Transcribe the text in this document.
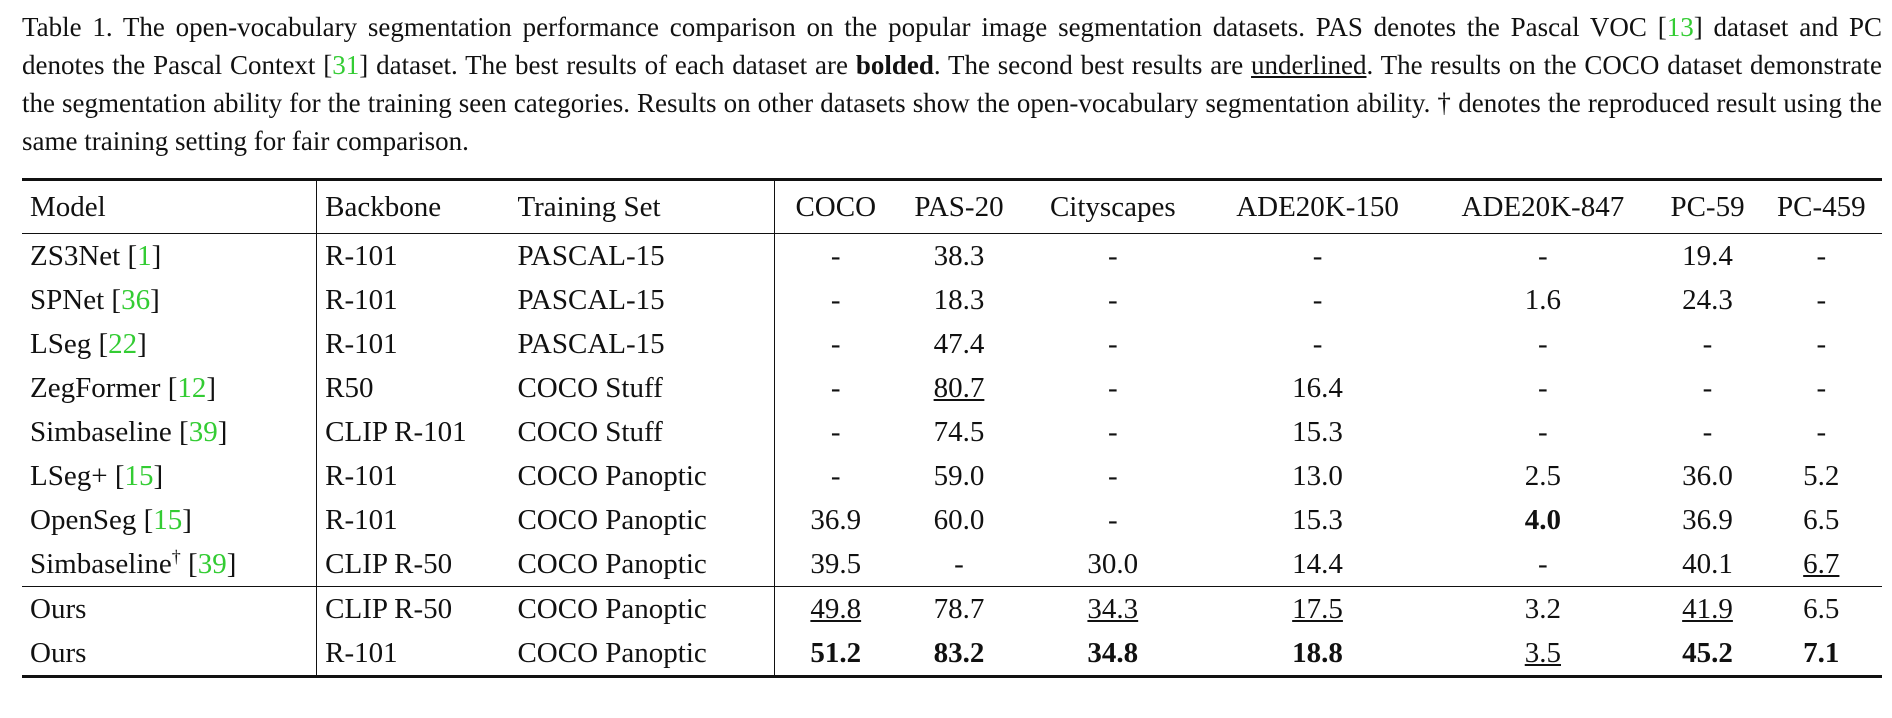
Table 1. The open-vocabulary segmentation performance comparison on the popular image segmentation datasets. PAS denotes the Pascal VOC [13] dataset and PC denotes the Pascal Context [31] dataset. The best results of each dataset are bolded. The second best results are underlined. The results on the COCO dataset demonstrate the segmentation ability for the training seen categories. Results on other datasets show the open-vocabulary segmentation ability. † denotes the reproduced result using the same training setting for fair comparison.
Model	Backbone	Training Set	COCO	PAS-20	Cityscapes	ADE20K-150	ADE20K-847	PC-59	PC-459
ZS3Net [1]	R-101	PASCAL-15	-	38.3	-	-	-	19.4	-
SPNet [36]	R-101	PASCAL-15	-	18.3	-	-	1.6	24.3	-
LSeg [22]	R-101	PASCAL-15	-	47.4	-	-	-	-	-
ZegFormer [12]	R50	COCO Stuff	-	80.7	-	16.4	-	-	-
Simbaseline [39]	CLIP R-101	COCO Stuff	-	74.5	-	15.3	-	-	-
LSeg+ [15]	R-101	COCO Panoptic	-	59.0	-	13.0	2.5	36.0	5.2
OpenSeg [15]	R-101	COCO Panoptic	36.9	60.0	-	15.3	4.0	36.9	6.5
Simbaseline† [39]	CLIP R-50	COCO Panoptic	39.5	-	30.0	14.4	-	40.1	6.7
Ours	CLIP R-50	COCO Panoptic	49.8	78.7	34.3	17.5	3.2	41.9	6.5
Ours	R-101	COCO Panoptic	51.2	83.2	34.8	18.8	3.5	45.2	7.1
